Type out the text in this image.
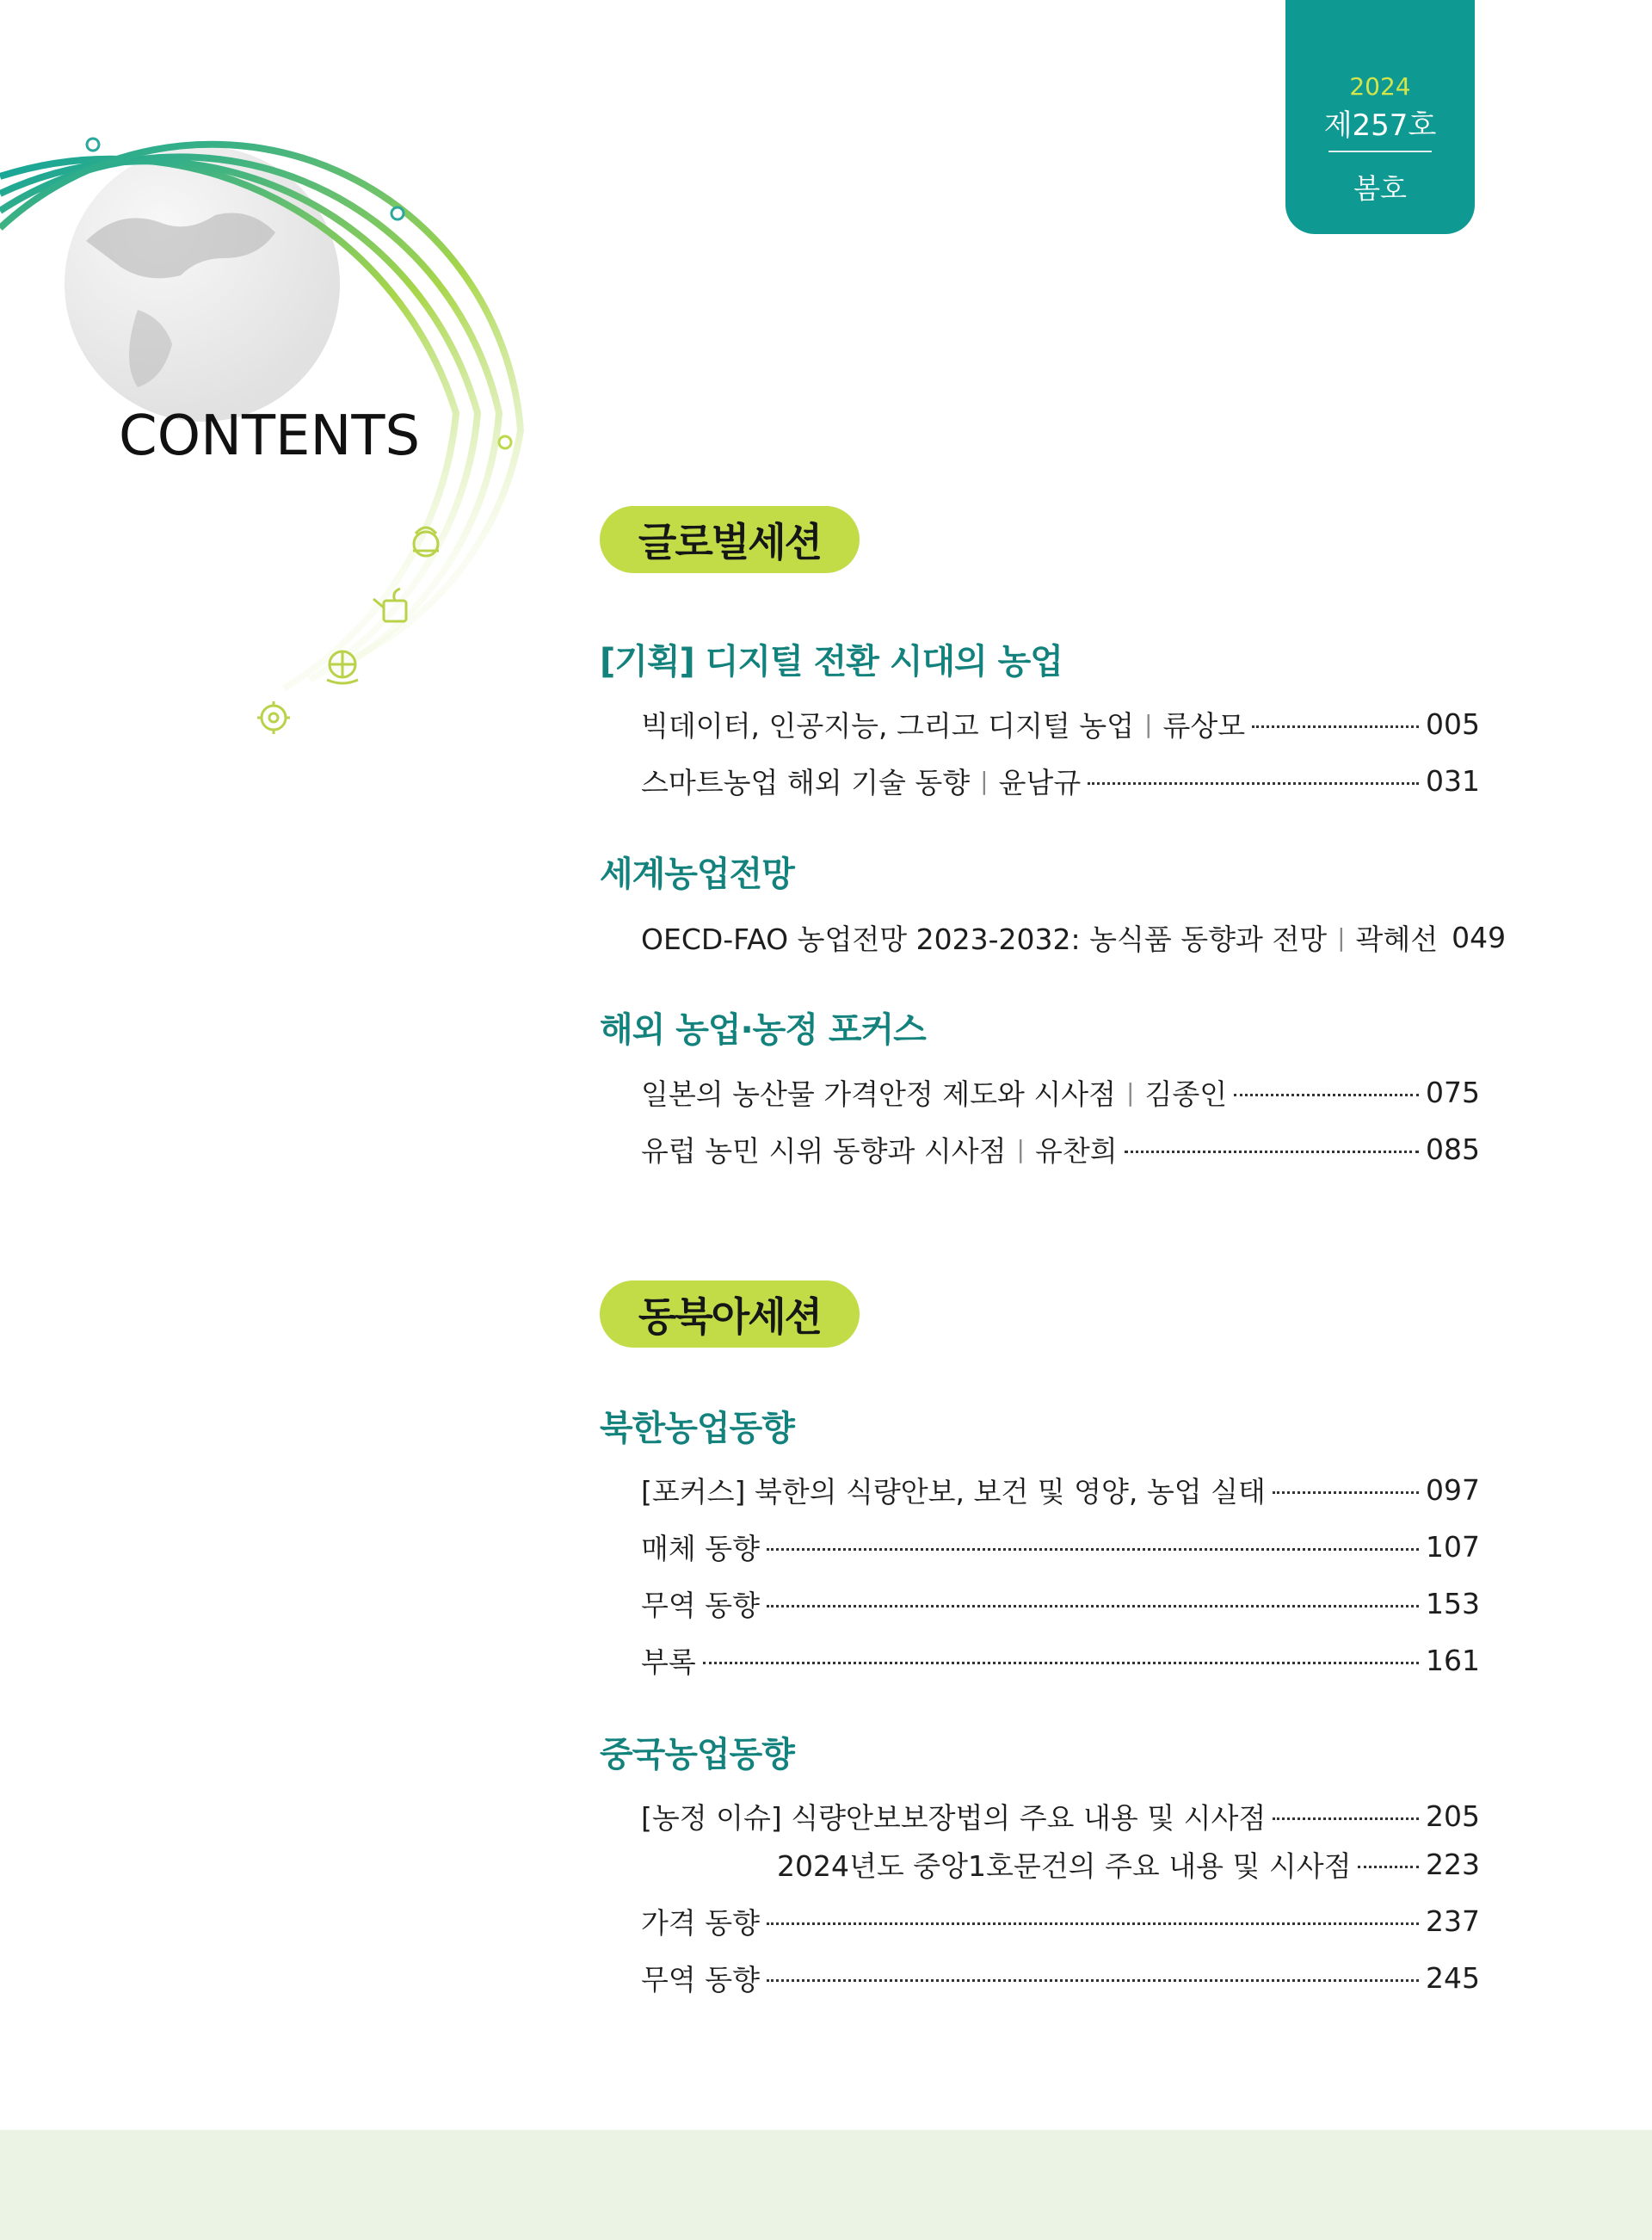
2024
제257호
봄호
CONTENTS
글로벌세션
[기획] 디지털 전환 시대의 농업
빅데이터, 인공지능, 그리고 디지털 농업 | 류상모	005
스마트농업 해외 기술 동향 | 윤남규	031
세계농업전망
OECD-FAO 농업전망 2023-2032: 농식품 동향과 전망 | 곽혜선 049
해외 농업·농정 포커스
일본의 농산물 가격안정 제도와 시사점 | 김종인	075
유럽 농민 시위 동향과 시사점 | 유찬희	085
동북아세션
북한농업동향
[포커스] 북한의 식량안보, 보건 및 영양, 농업 실태	097
매체 동향	107
무역 동향	153
부록	161
중국농업동향
[농정 이슈] 식량안보보장법의 주요 내용 및 시사점	205
2024년도 중앙1호문건의 주요 내용 및 시사점	223
가격 동향	237
무역 동향	245
